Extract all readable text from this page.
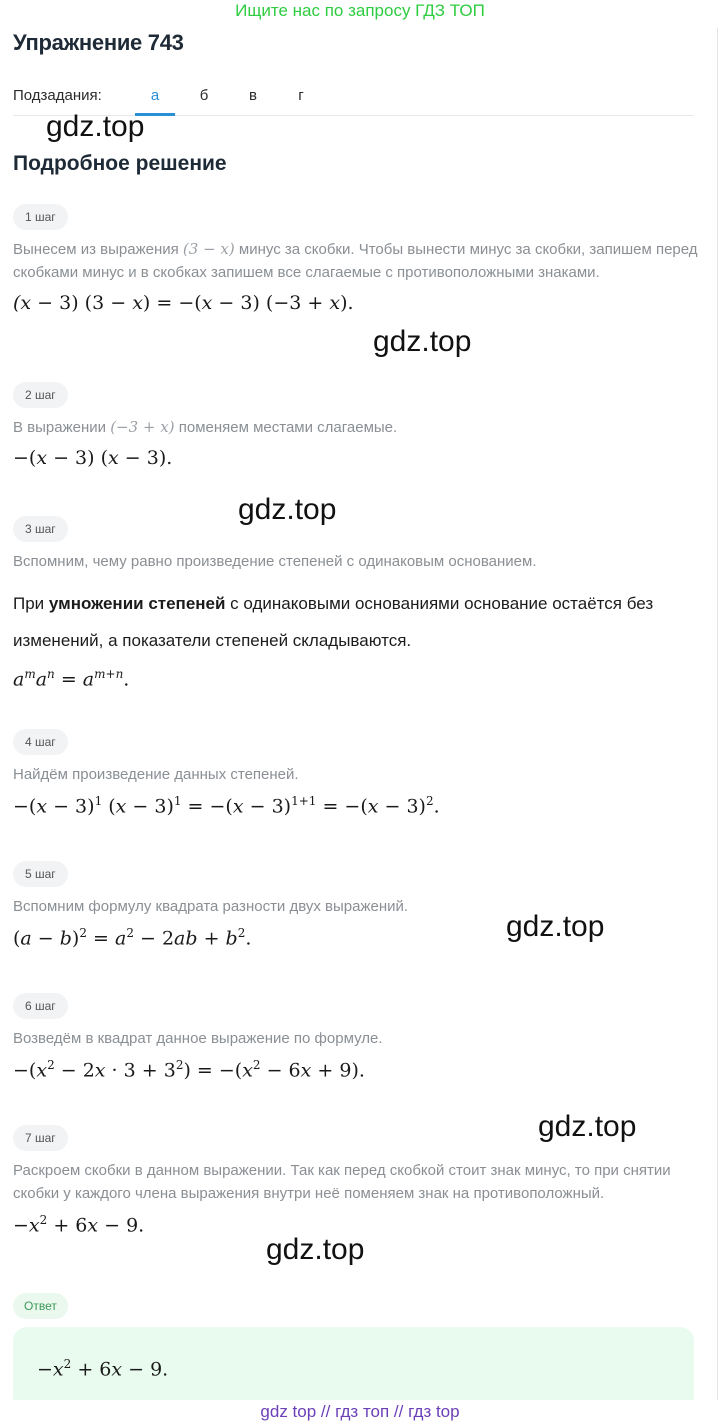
Ищите нас по запросу ГДЗ ТОП
Упражнение 743
Подзадания:	а	б	в	г
Подробное решение
gdz.top
gdz.top
gdz.top
gdz.top
gdz.top
gdz.top
1 шаг
Вынесем из выражения (3 − x) минус за скобки. Чтобы вынести минус за скобки, запишем перед скобками минус и в скобках запишем все слагаемые с противоположными знаками.
(x − 3) (3 − x) = −(x − 3) (−3 + x).
2 шаг
В выражении (−3 + x) поменяем местами слагаемые.
−(x − 3) (x − 3).
3 шаг
Вспомним, чему равно произведение степеней с одинаковым основанием.
При умножении степеней с одинаковыми основаниями основание остаётся без изменений, а показатели степеней складываются.
$a^ma^n = a^{m+n}$.
4 шаг
Найдём произведение данных степеней.
$-(x - 3)^1$ $(x - 3)^1 = -(x - 3)^{1+1} = -(x - 3)^2$.
5 шаг
Вспомним формулу квадрата разности двух выражений.
$(a - b)^2 = a^2 - 2ab + b^2$.
6 шаг
Возведём в квадрат данное выражение по формуле.
$-(x^2 - 2x \cdot 3 + 3^2) = -(x^2 - 6x + 9)$.
7 шаг
Раскроем скобки в данном выражении. Так как перед скобкой стоит знак минус, то при снятии скобки у каждого члена выражения внутри неё поменяем знак на противоположный.
$-x^2 + 6x - 9$.
Ответ
$-x^2 + 6x - 9$.
gdz top // гдз топ // гдз top
